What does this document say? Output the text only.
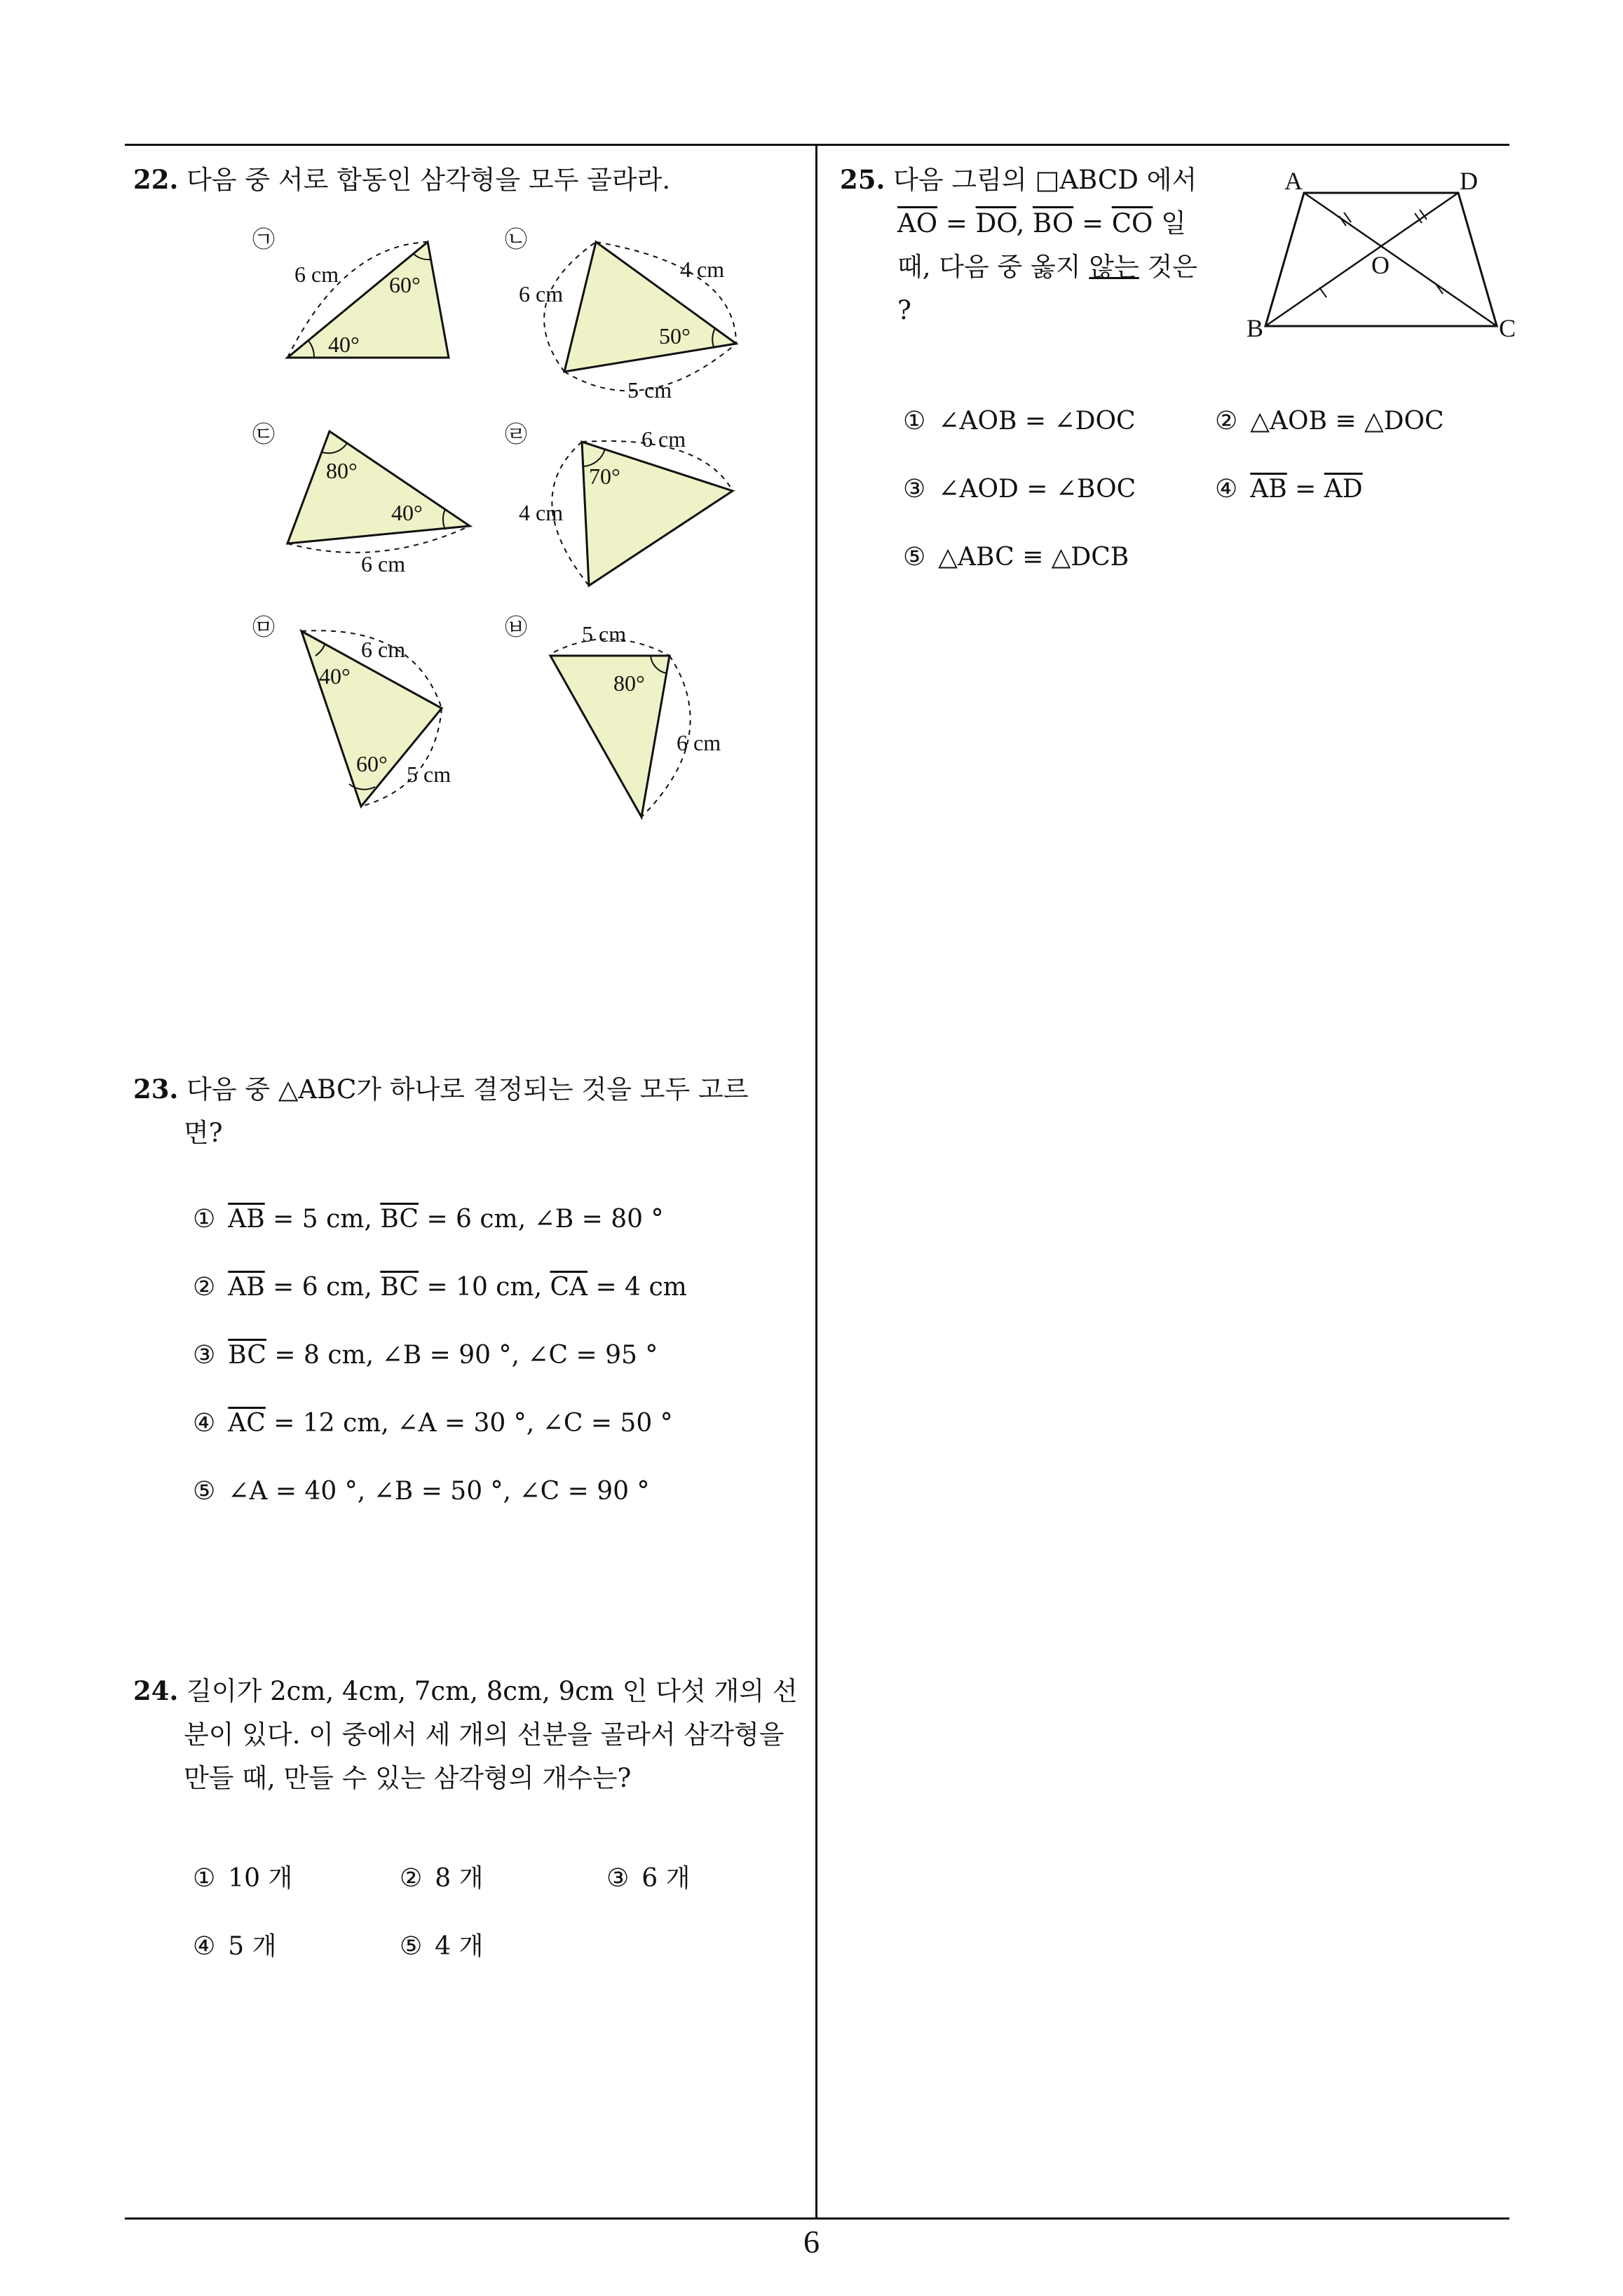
22. 다음 중 서로 합동인 삼각형을 모두 골라라.
㉠
6 cm 60°
40°
㉡
6 cm
4 cm
50°
5 cm
㉢
80°
40°
6 cm
㉣	6 cm
70°
4 cm
㉤
6 cm
40°
60° 5 cm
㉥ 5 cm
80°
6 cm
23. 다음 중 △ABC가 하나로 결정되는 것을 모두 고르
면?
① $\overline{AB} = 5$ cm, $\overline{BC} = 6$ cm, ∠B = 80 °
② $\overline{AB} = 6$ cm, $\overline{BC} = 10$ cm, $\overline{CA} = 4$ cm
③ $\overline{BC} = 8$ cm, ∠B = 90 °, ∠C = 95 °
④ $\overline{AC} = 12$ cm, ∠A = 30 °, ∠C = 50 °
⑤ ∠A = 40 °, ∠B = 50 °, ∠C = 90 °
24. 길이가 2cm, 4cm, 7cm, 8cm, 9cm 인 다섯 개의 선
분이 있다. 이 중에서 세 개의 선분을 골라서 삼각형을
만들 때, 만들 수 있는 삼각형의 개수는?
① 10 개	② 8 개	③ 6 개
④ 5 개	⑤ 4 개
25. 다음 그림의 □ABCD 에서
$\overline{AO} = \overline{DO}$, $\overline{BO} = \overline{CO}$ 일
때, 다음 중 옳지 않는 것은
?
A	D
B	C
O
① ∠AOB = ∠DOC	② △AOB ≡ △DOC
③ ∠AOD = ∠BOC	④ $\overline{AB} = \overline{AD}$
⑤ △ABC ≡ △DCB
6
